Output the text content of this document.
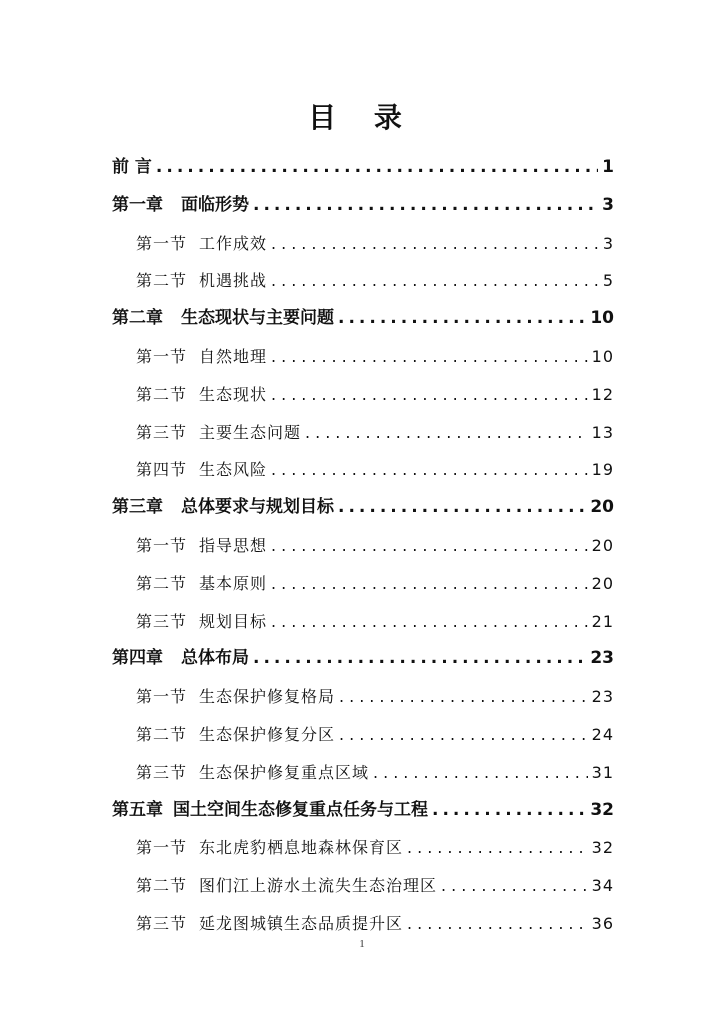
目 录
前 言 .....	1
第一章 面临形势 .....	3
第一节 工作成效 .....	3
第二节 机遇挑战 .....	5
第二章 生态现状与主要问题 .....	10
第一节 自然地理 .....	10
第二节 生态现状 .....	12
第三节 主要生态问题 .....	13
第四节 生态风险 .....	19
第三章 总体要求与规划目标 .....	20
第一节 指导思想 .....	20
第二节 基本原则 .....	20
第三节 规划目标 .....	21
第四章 总体布局 .....	23
第一节 生态保护修复格局 .....	23
第二节 生态保护修复分区 .....	24
第三节 生态保护修复重点区域 .....	31
第五章 国土空间生态修复重点任务与工程 .....	32
第一节 东北虎豹栖息地森林保育区 .....	32
第二节 图们江上游水土流失生态治理区 .....	34
第三节 延龙图城镇生态品质提升区 .....	36
1
